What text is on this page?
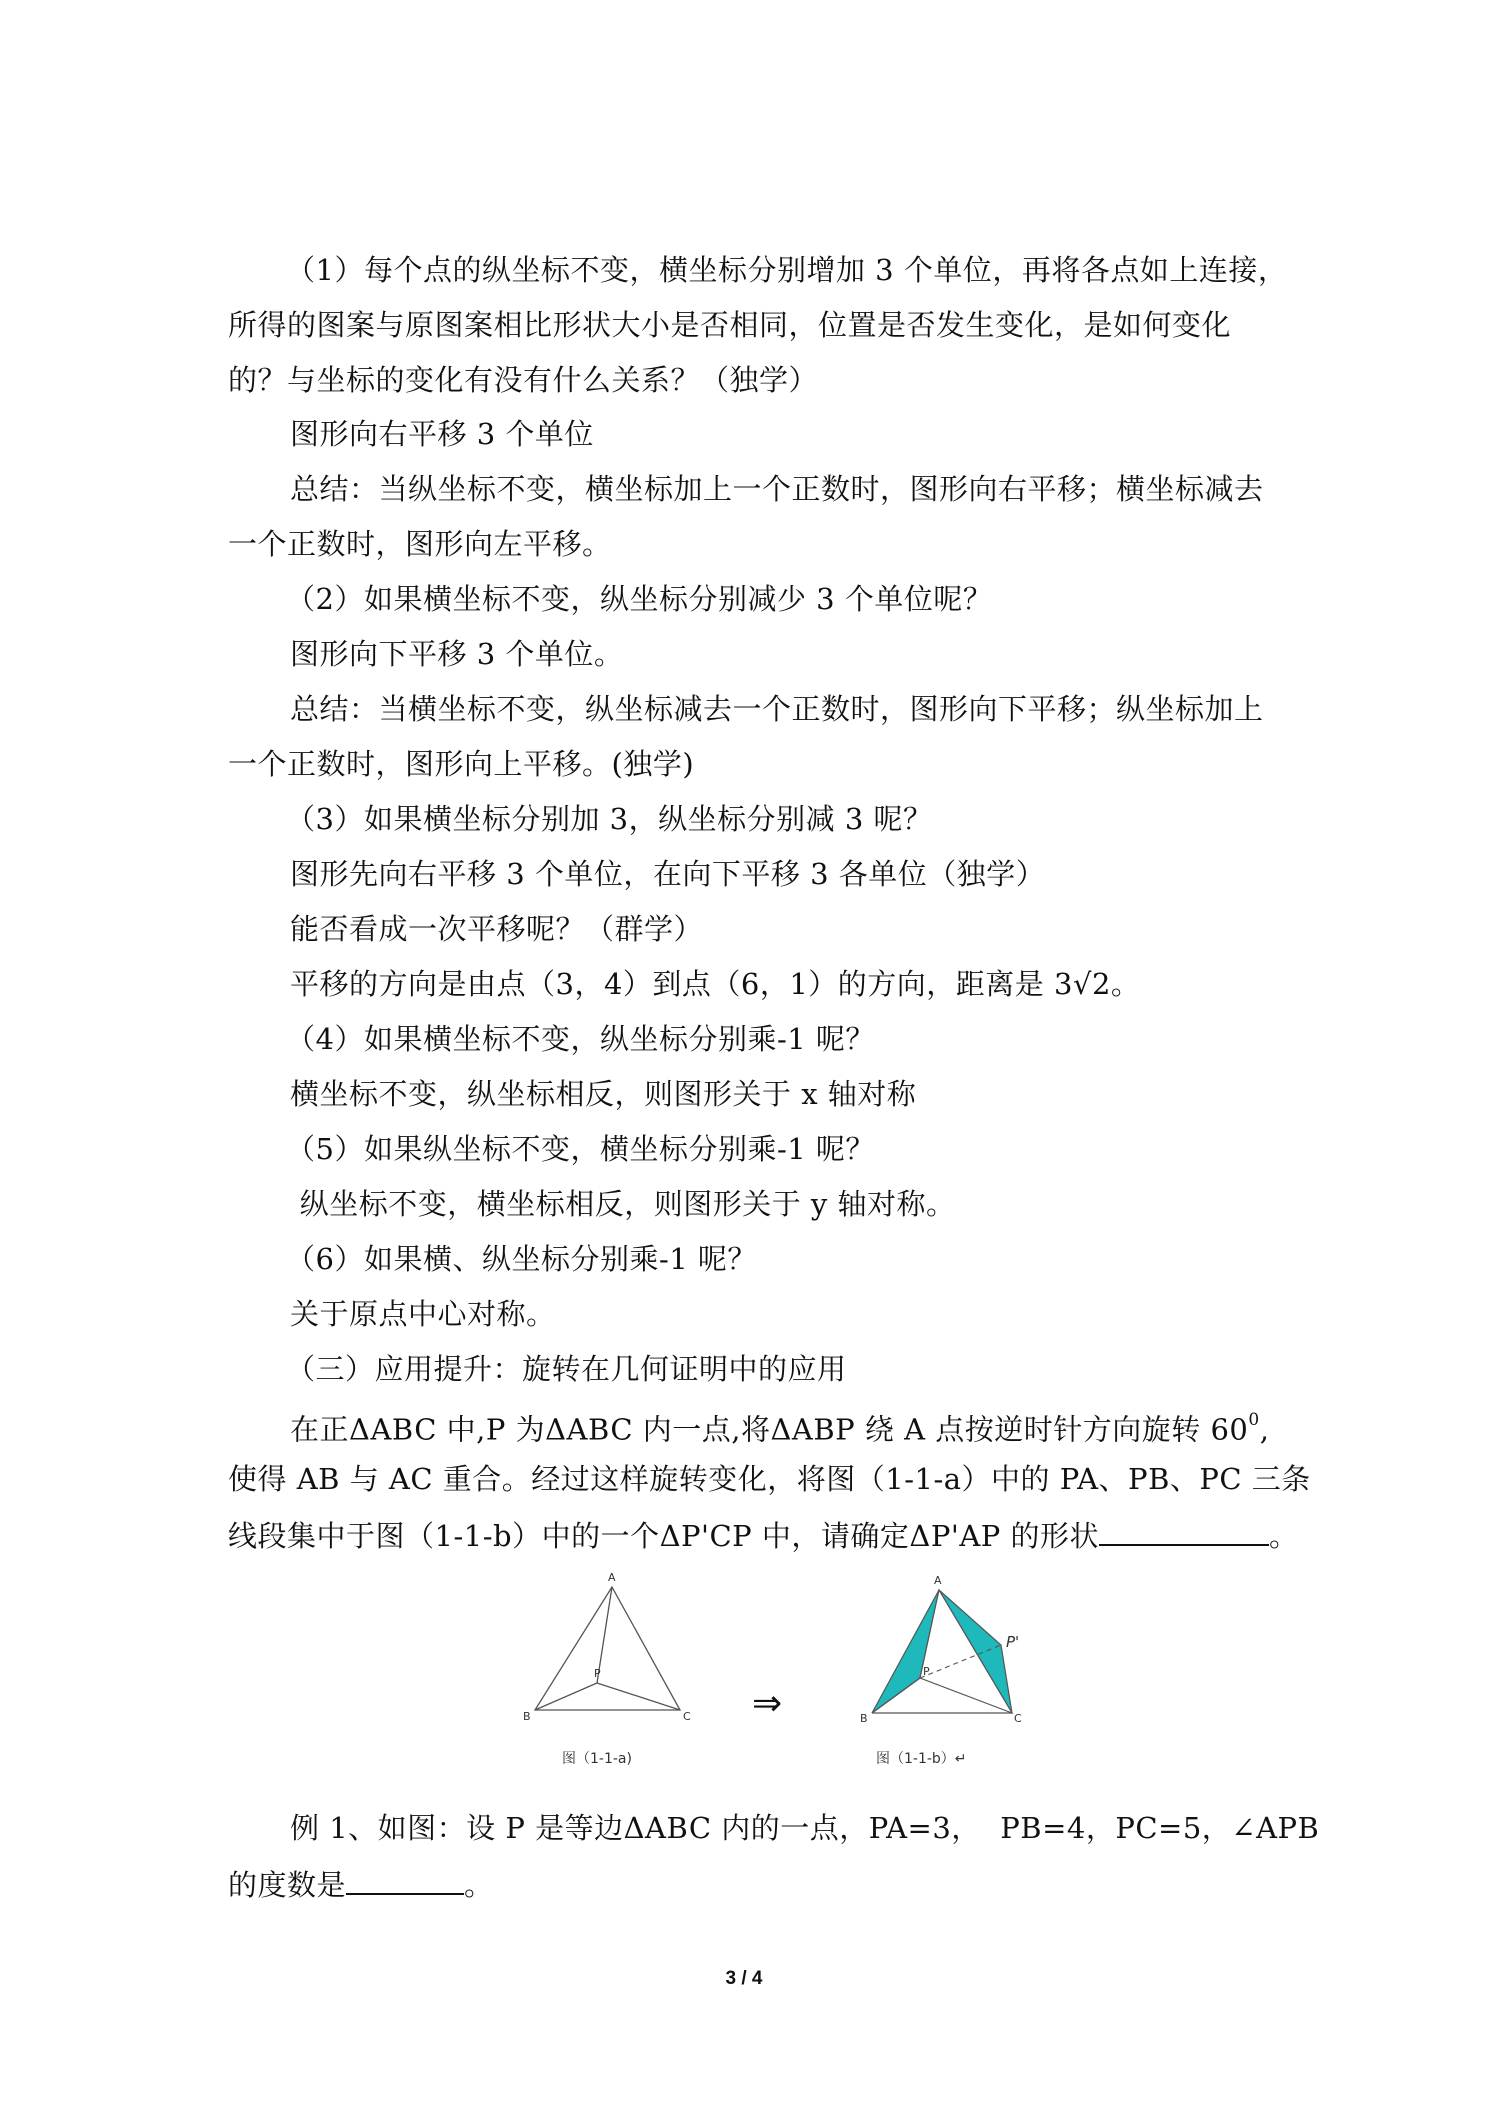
（1）每个点的纵坐标不变，横坐标分别增加 3 个单位，再将各点如上连接，
所得的图案与原图案相比形状大小是否相同，位置是否发生变化，是如何变化
的？与坐标的变化有没有什么关系？（独学）
图形向右平移 3 个单位
总结：当纵坐标不变，横坐标加上一个正数时，图形向右平移；横坐标减去
一个正数时，图形向左平移。
（2）如果横坐标不变，纵坐标分别减少 3 个单位呢？
图形向下平移 3 个单位。
总结：当横坐标不变，纵坐标减去一个正数时，图形向下平移；纵坐标加上
一个正数时，图形向上平移。(独学)
（3）如果横坐标分别加 3，纵坐标分别减 3 呢？
图形先向右平移 3 个单位，在向下平移 3 各单位（独学）
能否看成一次平移呢？（群学）
平移的方向是由点（3，4）到点（6，1）的方向，距离是 3√2。
（4）如果横坐标不变，纵坐标分别乘-1 呢？
横坐标不变，纵坐标相反，则图形关于 x 轴对称
（5）如果纵坐标不变，横坐标分别乘-1 呢？
纵坐标不变，横坐标相反，则图形关于 y 轴对称。
（6）如果横、纵坐标分别乘-1 呢？
关于原点中心对称。
（三）应用提升：旋转在几何证明中的应用
在正ΔABC 中,P 为ΔABC 内一点,将ΔABP 绕 A 点按逆时针方向旋转 $60^0$,
使得 AB 与 AC 重合。经过这样旋转变化，将图（1-1-a）中的 PA、PB、PC 三条
线段集中于图（1-1-b）中的一个ΔP'CP 中，请确定ΔP'AP 的形状	。
A
B	C
P
⇒
A
B	C
P
P'
图（1-1-a)	图（1-1-b）↵
例 1、如图：设 P 是等边ΔABC 内的一点，PA=3，  PB=4，PC=5，∠APB
的度数是	。
3 / 4
